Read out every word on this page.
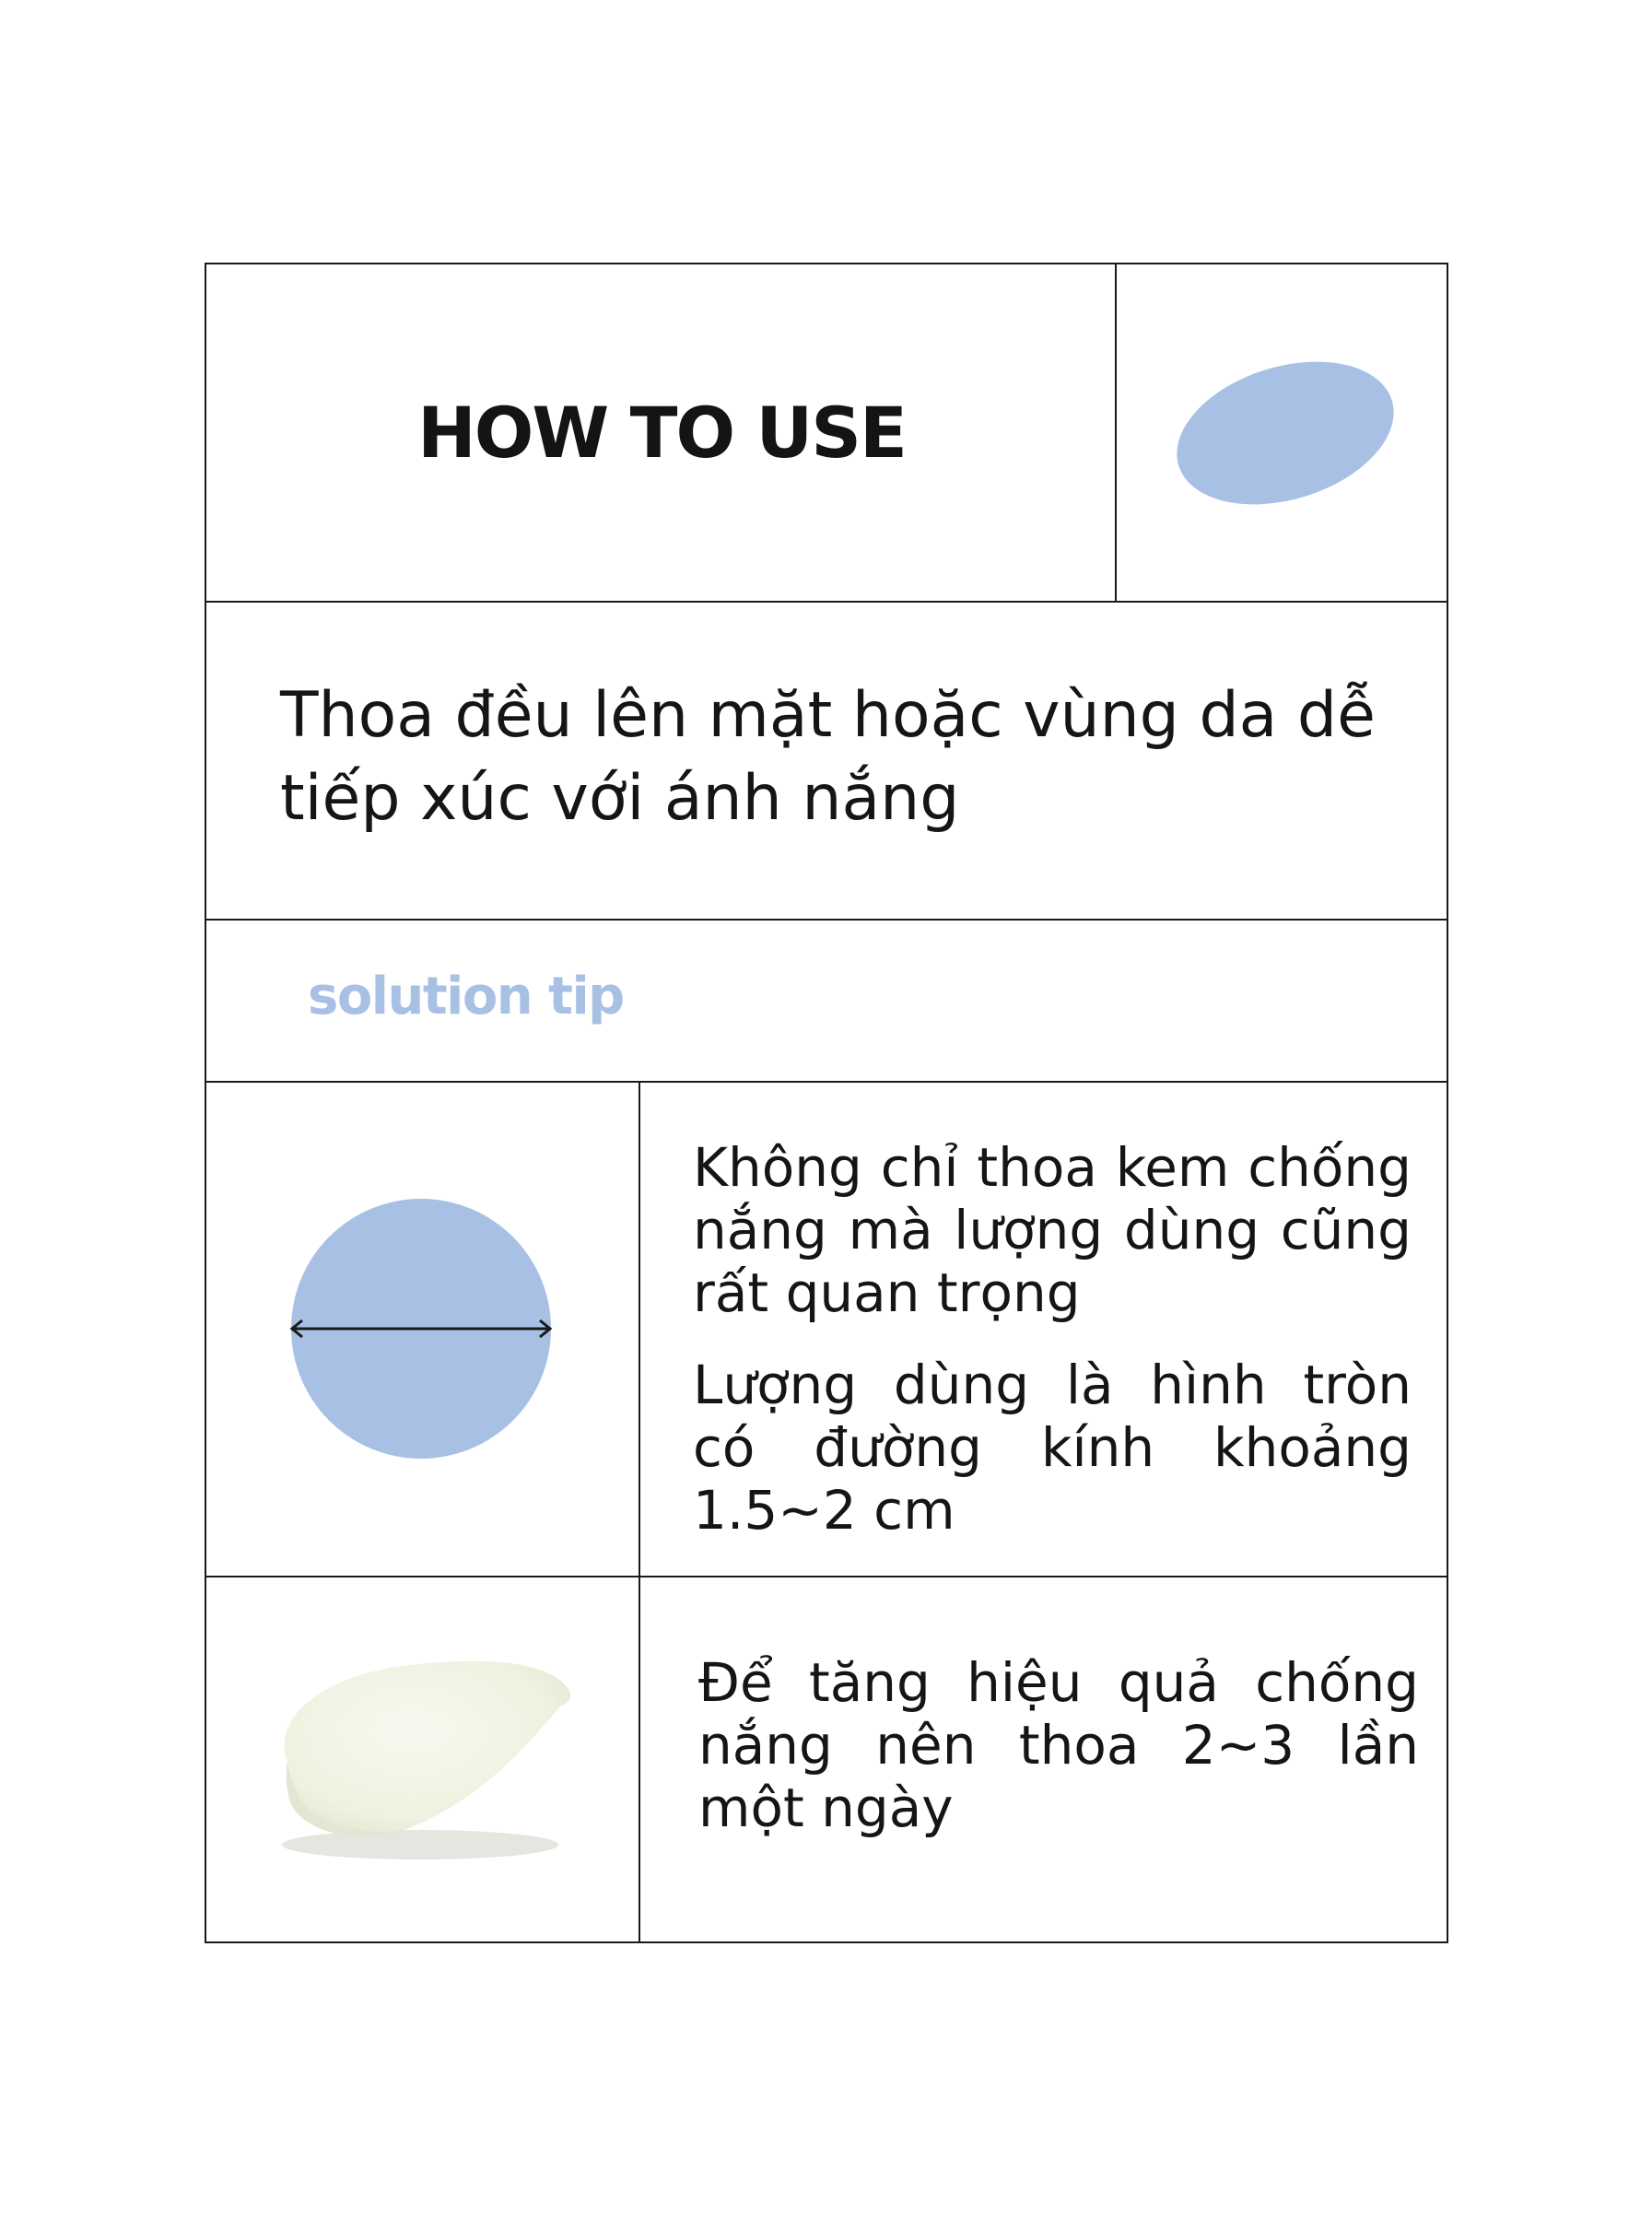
HOW TO USE
Thoa đều lên mặt hoặc vùng da dễ tiếp xúc với ánh nắng
solution tip

Không chỉ thoa kem chống nắng mà lượng dùng cũng rất quan trọng

Lượng dùng là hình tròn có đường kính khoảng 1.5~2 cm

Để tăng hiệu quả chống nắng nên thoa 2~3 lần một ngày
